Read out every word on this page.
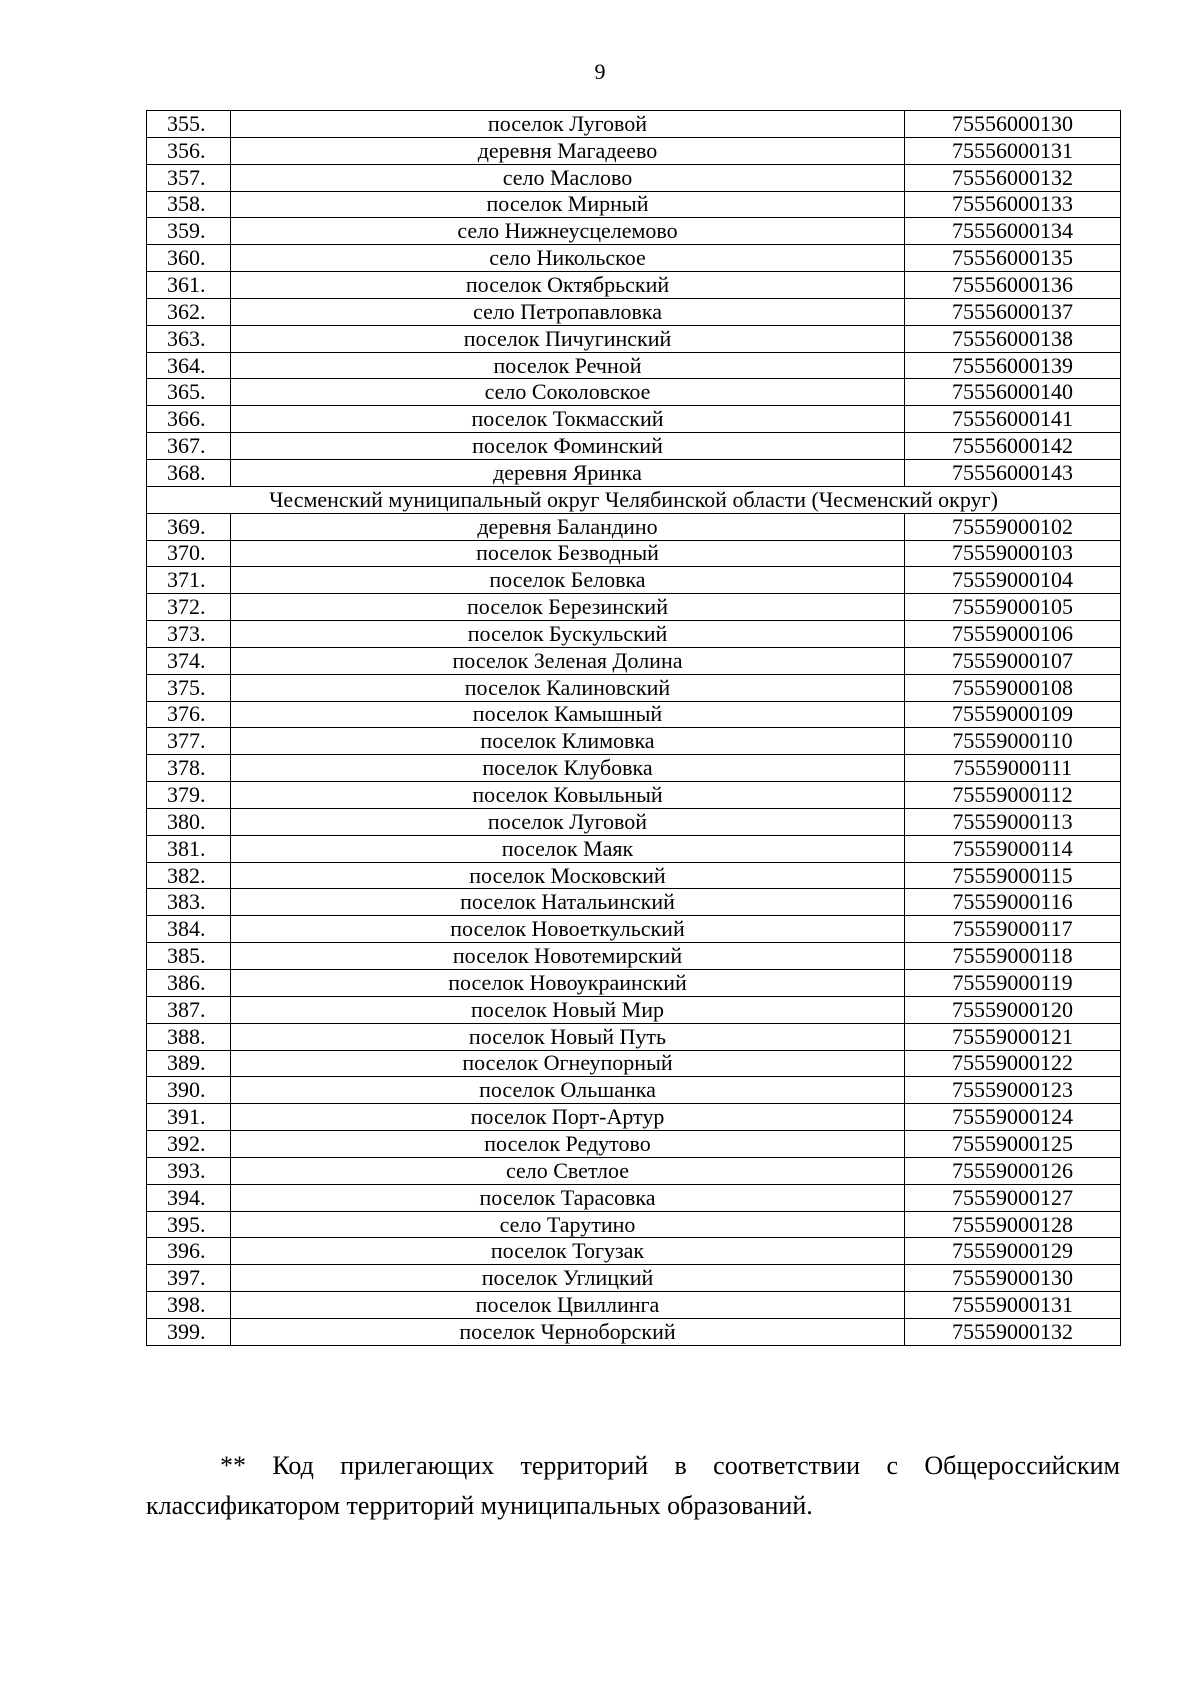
9
355.	поселок Луговой	75556000130
356.	деревня Магадеево	75556000131
357.	село Маслово	75556000132
358.	поселок Мирный	75556000133
359.	село Нижнеусцелемово	75556000134
360.	село Никольское	75556000135
361.	поселок Октябрьский	75556000136
362.	село Петропавловка	75556000137
363.	поселок Пичугинский	75556000138
364.	поселок Речной	75556000139
365.	село Соколовское	75556000140
366.	поселок Токмасский	75556000141
367.	поселок Фоминский	75556000142
368.	деревня Яринка	75556000143
Чесменский муниципальный округ Челябинской области (Чесменский округ)		
369.	деревня Баландино	75559000102
370.	поселок Безводный	75559000103
371.	поселок Беловка	75559000104
372.	поселок Березинский	75559000105
373.	поселок Бускульский	75559000106
374.	поселок Зеленая Долина	75559000107
375.	поселок Калиновский	75559000108
376.	поселок Камышный	75559000109
377.	поселок Климовка	75559000110
378.	поселок Клубовка	75559000111
379.	поселок Ковыльный	75559000112
380.	поселок Луговой	75559000113
381.	поселок Маяк	75559000114
382.	поселок Московский	75559000115
383.	поселок Натальинский	75559000116
384.	поселок Новоеткульский	75559000117
385.	поселок Новотемирский	75559000118
386.	поселок Новоукраинский	75559000119
387.	поселок Новый Мир	75559000120
388.	поселок Новый Путь	75559000121
389.	поселок Огнеупорный	75559000122
390.	поселок Ольшанка	75559000123
391.	поселок Порт-Артур	75559000124
392.	поселок Редутово	75559000125
393.	село Светлое	75559000126
394.	поселок Тарасовка	75559000127
395.	село Тарутино	75559000128
396.	поселок Тогузак	75559000129
397.	поселок Углицкий	75559000130
398.	поселок Цвиллинга	75559000131
399.	поселок Черноборский	75559000132
** Код прилегающих территорий в соответствии с Общероссийским классификатором территорий муниципальных образований.
